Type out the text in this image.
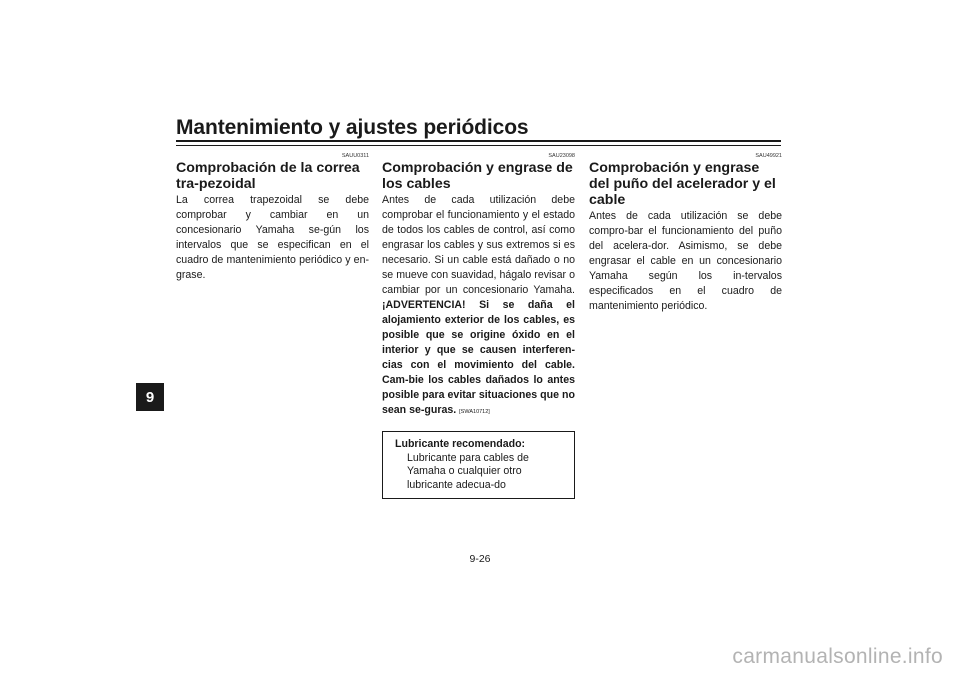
Mantenimiento y ajustes periódicos
9
SAUU0311
Comprobación de la correa tra-pezoidal

La correa trapezoidal se debe comprobar y cambiar en un concesionario Yamaha se-gún los intervalos que se especifican en el cuadro de mantenimiento periódico y en-grase.

SAU23098
Comprobación y engrase de los cables

Antes de cada utilización debe comprobar el funcionamiento y el estado de todos los cables de control, así como engrasar los cables y sus extremos si es necesario. Si un cable está dañado o no se mueve con suavidad, hágalo revisar o cambiar por un concesionario Yamaha. ¡ADVERTENCIA! Si se daña el alojamiento exterior de los cables, es posible que se origine óxido en el interior y que se causen interferen-cias con el movimiento del cable. Cam-bie los cables dañados lo antes posible para evitar situaciones que no sean se-guras. [SWA10712]

Lubricante recomendado:
Lubricante para cables de Yamaha o cualquier otro lubricante adecua-do
SAU49921
Comprobación y engrase del puño del acelerador y el cable

Antes de cada utilización se debe compro-bar el funcionamiento del puño del acelera-dor. Asimismo, se debe engrasar el cable en un concesionario Yamaha según los in-tervalos especificados en el cuadro de mantenimiento periódico.

9-26
carmanualsonline.info
